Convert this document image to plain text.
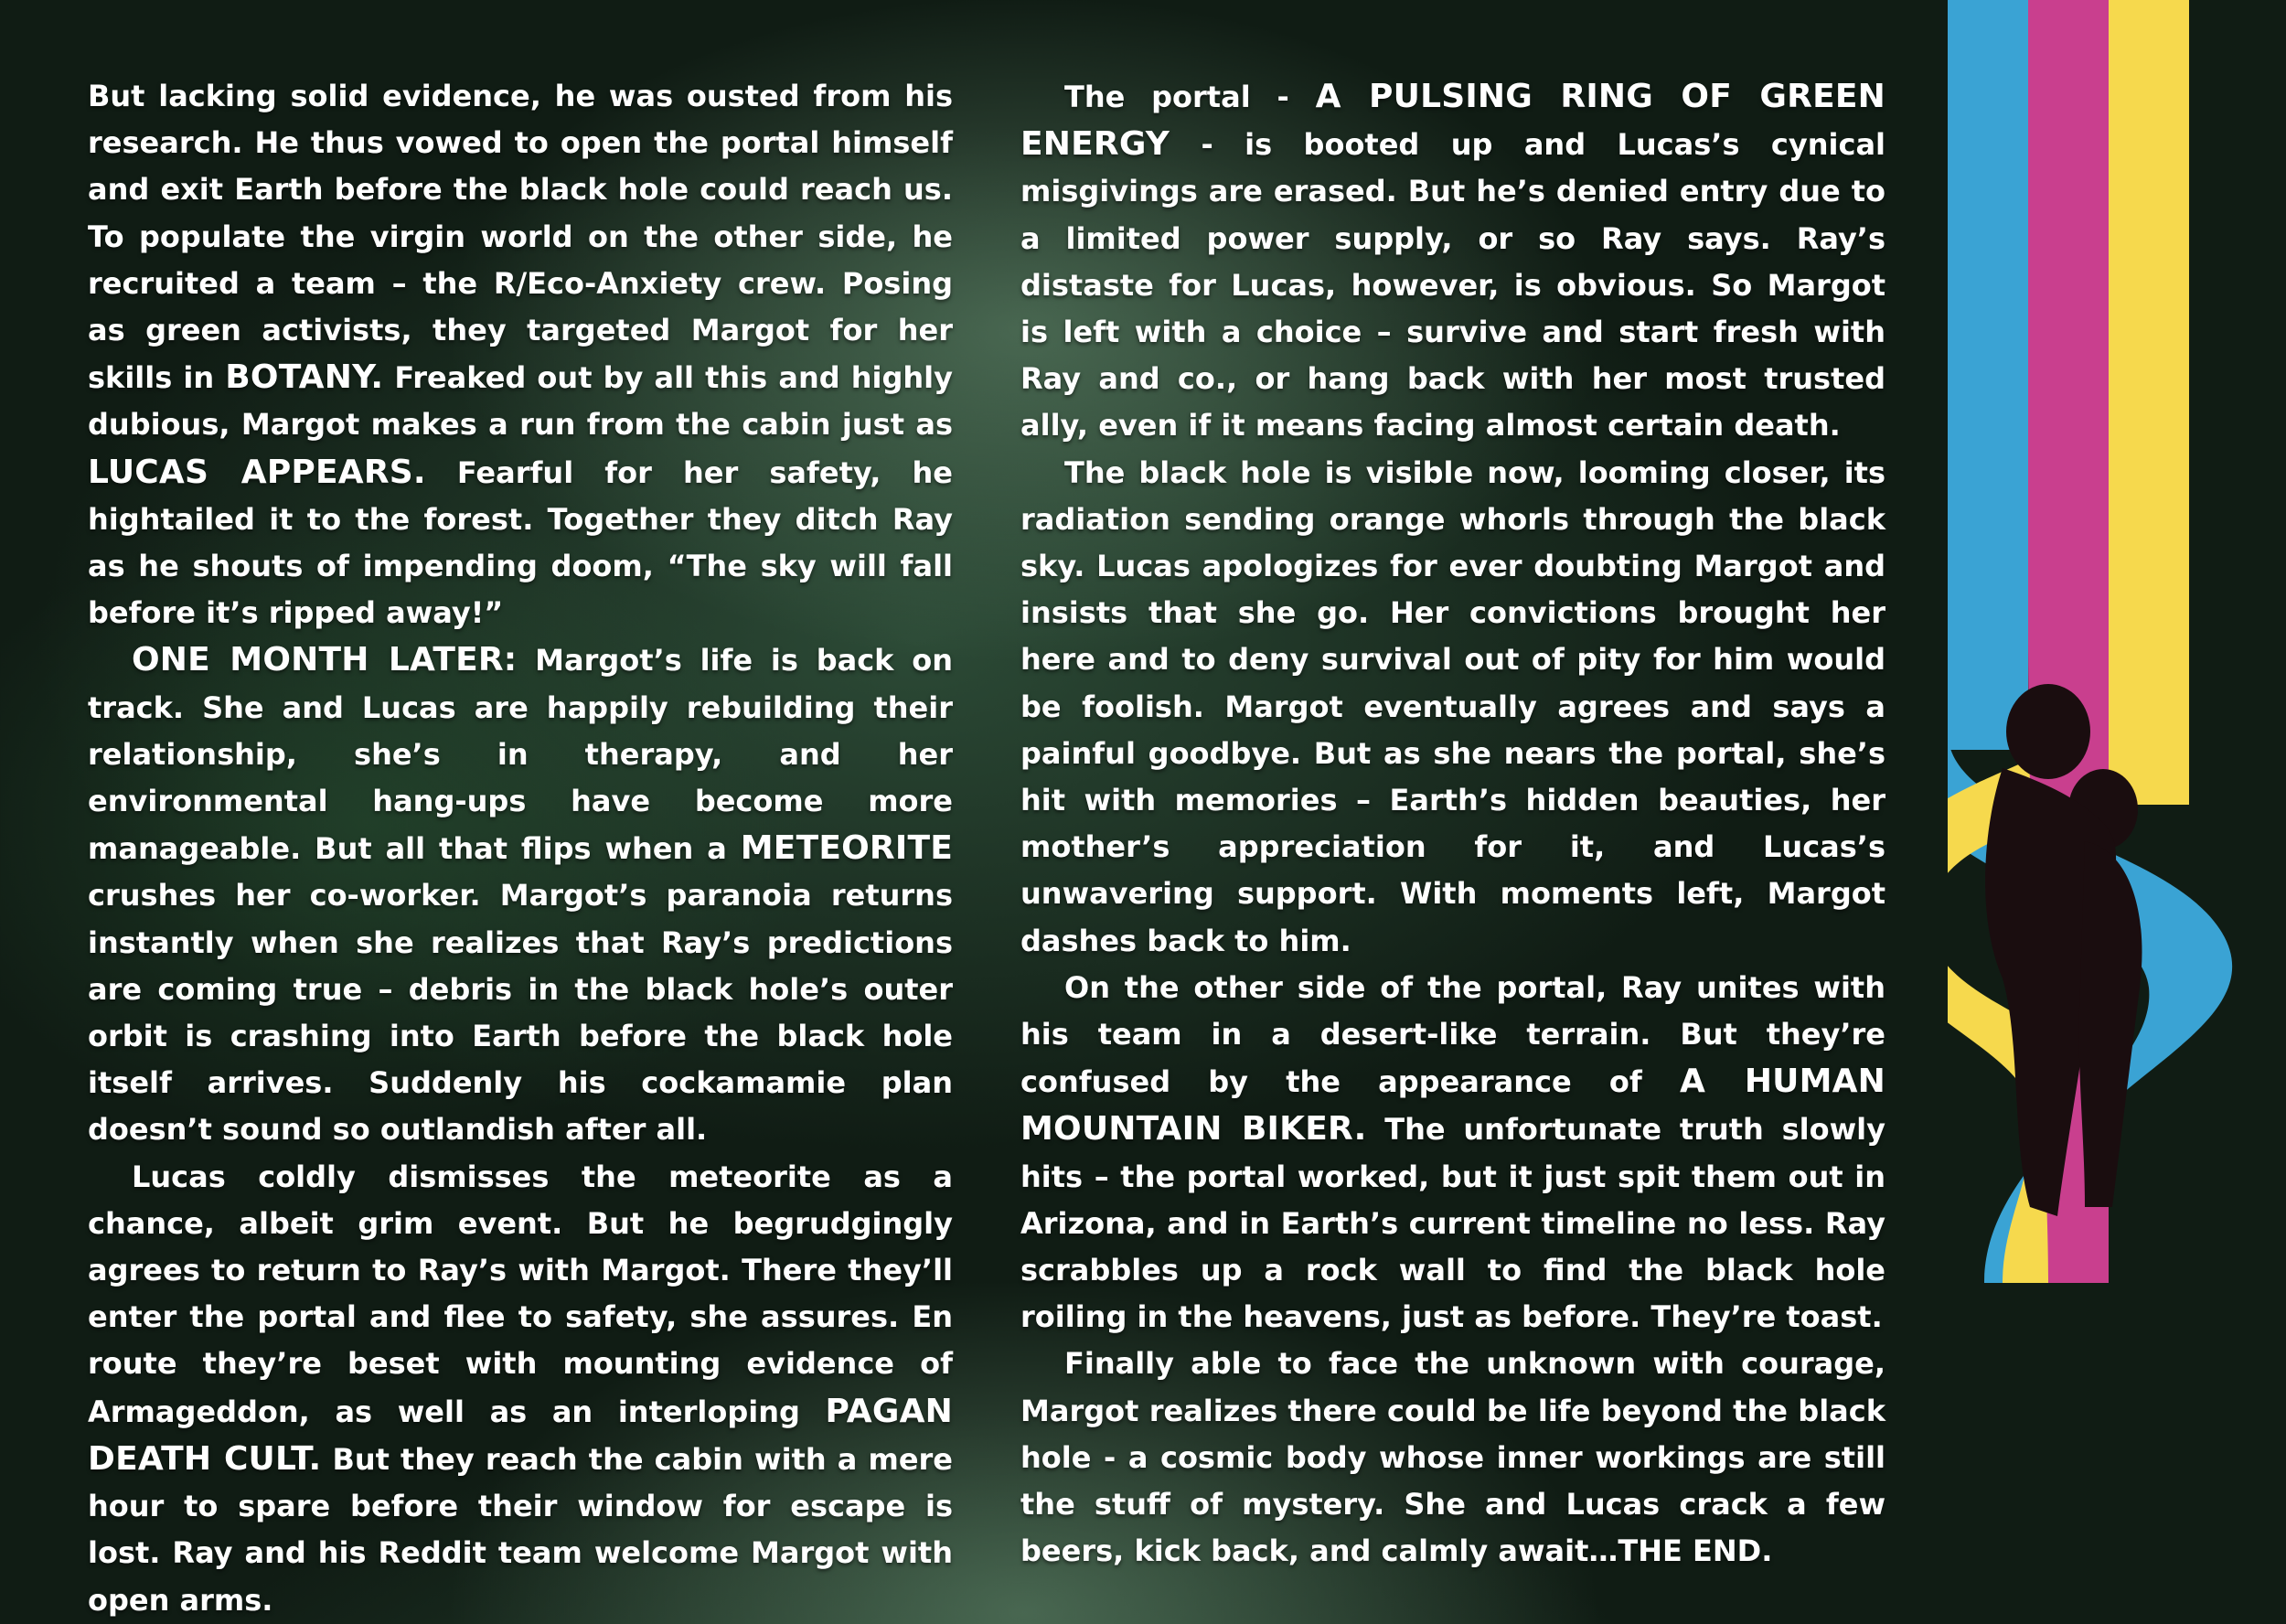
But lacking solid evidence, he was ousted from his research. He thus vowed to open the portal himself and exit Earth before the black hole could reach us. To populate the virgin world on the other side, he recruited a team – the R/Eco-Anxiety crew. Posing as green activists, they targeted Margot for her skills in BOTANY. Freaked out by all this and highly dubious, Margot makes a run from the cabin just as LUCAS APPEARS. Fearful for her safety, he hightailed it to the forest. Together they ditch Ray as he shouts of impending doom, “The sky will fall before it’s ripped away!”

ONE MONTH LATER: Margot’s life is back on track. She and Lucas are happily rebuilding their relationship, she’s in therapy, and her environmental hang-ups have become more manageable. But all that flips when a METEORITE crushes her co-worker. Margot’s paranoia returns instantly when she realizes that Ray’s predictions are coming true – debris in the black hole’s outer orbit is crashing into Earth before the black hole itself arrives. Suddenly his cockamamie plan doesn’t sound so outlandish after all.

Lucas coldly dismisses the meteorite as a chance, albeit grim event. But he begrudgingly agrees to return to Ray’s with Margot. There they’ll enter the portal and flee to safety, she assures. En route they’re beset with mounting evidence of Armageddon, as well as an interloping PAGAN DEATH CULT. But they reach the cabin with a mere hour to spare before their window for escape is lost. Ray and his Reddit team welcome Margot with open arms.

The portal - A PULSING RING OF GREEN ENERGY - is booted up and Lucas’s cynical misgivings are erased. But he’s denied entry due to a limited power supply, or so Ray says. Ray’s distaste for Lucas, however, is obvious. So Margot is left with a choice – survive and start fresh with Ray and co., or hang back with her most trusted ally, even if it means facing almost certain death.

The black hole is visible now, looming closer, its radiation sending orange whorls through the black sky. Lucas apologizes for ever doubting Margot and insists that she go. Her convictions brought her here and to deny survival out of pity for him would be foolish. Margot eventually agrees and says a painful goodbye. But as she nears the portal, she’s hit with memories – Earth’s hidden beauties, her mother’s appreciation for it, and Lucas’s unwavering support. With moments left, Margot dashes back to him.

On the other side of the portal, Ray unites with his team in a desert-like terrain. But they’re confused by the appearance of A HUMAN MOUNTAIN BIKER. The unfortunate truth slowly hits – the portal worked, but it just spit them out in Arizona, and in Earth’s current timeline no less. Ray scrabbles up a rock wall to find the black hole roiling in the heavens, just as before. They’re toast.

Finally able to face the unknown with courage, Margot realizes there could be life beyond the black hole - a cosmic body whose inner workings are still the stuff of mystery. She and Lucas crack a few beers, kick back, and calmly await…THE END.
